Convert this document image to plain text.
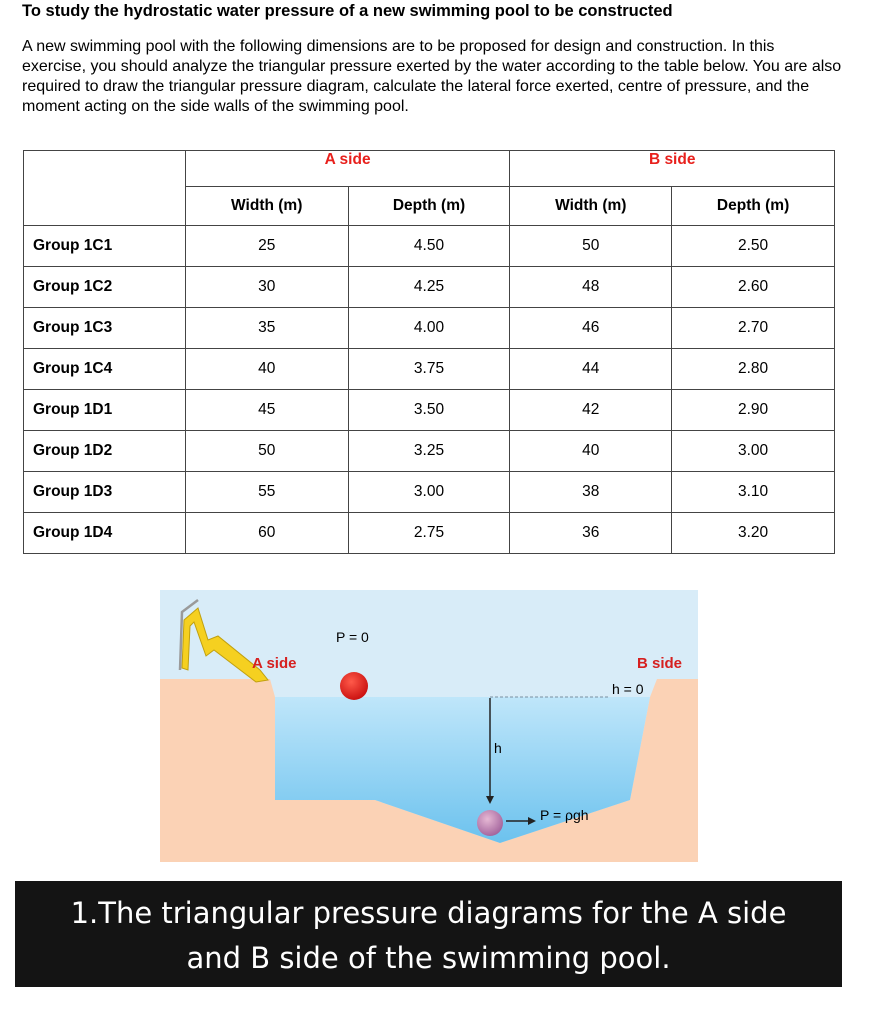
To study the hydrostatic water pressure of a new swimming pool to be constructed
A new swimming pool with the following dimensions are to be proposed for design and construction. In this exercise, you should analyze the triangular pressure exerted by the water according to the table below. You are also required to draw the triangular pressure diagram, calculate the lateral force exerted, centre of pressure, and the moment acting on the side walls of the swimming pool.
	A side		B side	
	Width (m)	Depth (m)	Width (m)	Depth (m)
Group 1C1	25	4.50	50	2.50
Group 1C2	30	4.25	48	2.60
Group 1C3	35	4.00	46	2.70
Group 1C4	40	3.75	44	2.80
Group 1D1	45	3.50	42	2.90
Group 1D2	50	3.25	40	3.00
Group 1D3	55	3.00	38	3.10
Group 1D4	60	2.75	36	3.20
P = 0
A side	B side
h = 0
h
P = ρgh
1.The triangular pressure diagrams for the A side
and B side of the swimming pool.
